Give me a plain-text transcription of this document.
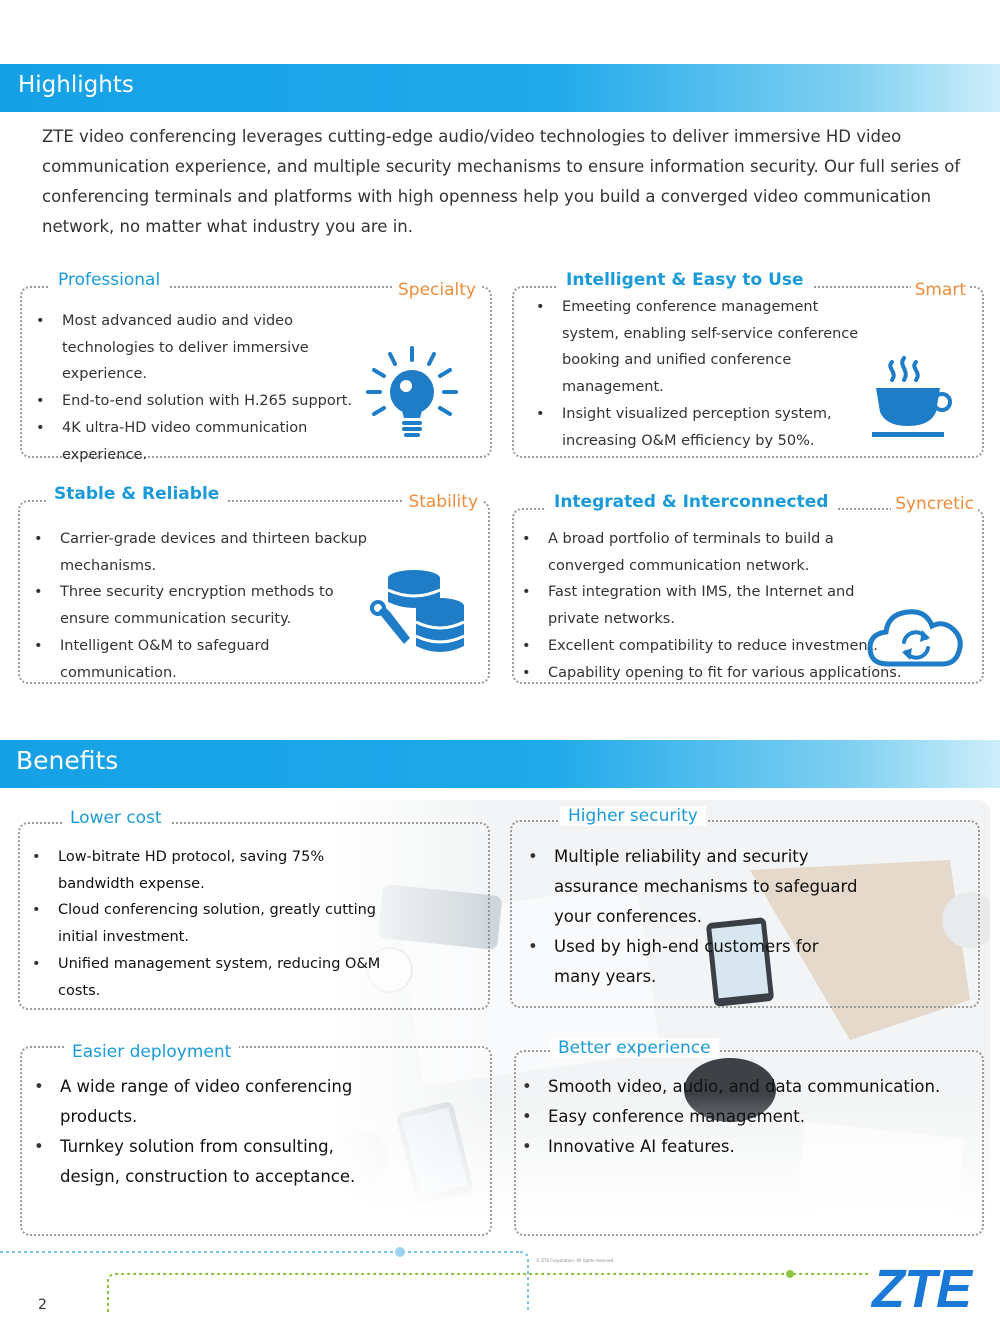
Highlights

ZTE video conferencing leverages cutting-edge audio/video technologies to deliver immersive HD video communication experience, and multiple security mechanisms to ensure information security. Our full series of conferencing terminals and platforms with high openness help you build a converged video communication network, no matter what industry you are in.

Professional	Specialty
• Most advanced audio and video technologies to deliver immersive experience.
• End-to-end solution with H.265 support.
• 4K ultra-HD video communication experience.
Intelligent & Easy to Use	Smart
• Emeeting conference management system, enabling self-service conference booking and unified conference management.
• Insight visualized perception system, increasing O&M efficiency by 50%.
Stable & Reliable	Stability
• Carrier-grade devices and thirteen backup mechanisms.
• Three security encryption methods to ensure communication security.
• Intelligent O&M to safeguard communication.
Integrated & Interconnected	Syncretic
• A broad portfolio of terminals to build a converged communication network.
• Fast integration with IMS, the Internet and private networks.
• Excellent compatibility to reduce investment.
• Capability opening to fit for various applications.
Benefits
Lower cost
• Low-bitrate HD protocol, saving 75% bandwidth expense.
• Cloud conferencing solution, greatly cutting initial investment.
• Unified management system, reducing O&M costs.
Higher security
• Multiple reliability and security assurance mechanisms to safeguard your conferences.
• Used by high-end customers for many years.
Easier deployment
• A wide range of video conferencing products.
• Turnkey solution from consulting, design, construction to acceptance.
Better experience
• Smooth video, audio, and data communication.
• Easy conference management.
• Innovative AI features.
© ZTE Corporation. All rights reserved.
2	ZTE
